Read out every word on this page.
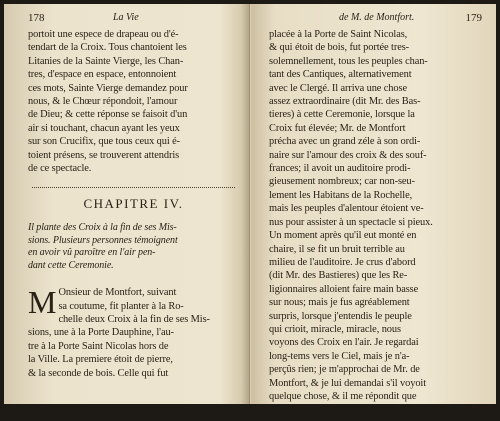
178	La Vie
portoit une espece de drapeau ou d'é-
tendart de la Croix. Tous chantoient les
Litanies de la Sainte Vierge, les Chan-
tres, d'espace en espace, entonnoient
ces mots, Sainte Vierge demandez pour
nous, & le Chœur répondoit, l'amour
de Dieu; & cette réponse se faisoit d'un
air si touchant, chacun ayant les yeux
sur son Crucifix, que tous ceux qui é-
toient présens, se trouverent attendris
de ce spectacle.
CHAPITRE IV.
Il plante des Croix à la fin de ses Mis-
sions. Plusieurs personnes témoignent
en avoir vû paroître en l'air pen-
dant cette Ceremonie.
M Onsieur de Montfort, suivant
sa coutume, fit planter à la Ro-
chelle deux Croix à la fin de ses Mis-
sions, une à la Porte Dauphine, l'au-
tre à la Porte Saint Nicolas hors de
la Ville. La premiere étoit de pierre,
& la seconde de bois. Celle qui fut
de M. de Montfort.	179
placée à la Porte de Saint Nicolas,
& qui étoit de bois, fut portée tres-
solemnellement, tous les peuples chan-
tant des Cantiques, alternativement
avec le Clergé. Il arriva une chose
assez extraordinaire (dit Mr. des Bas-
tieres) à cette Ceremonie, lorsque la
Croix fut élevée; Mr. de Montfort
précha avec un grand zéle à son ordi-
naire sur l'amour des croix & des souf-
frances; il avoit un auditoire prodi-
gieusement nombreux; car non-seu-
lement les Habitans de la Rochelle,
mais les peuples d'alentour étoient ve-
nus pour assister à un spectacle si pieux.
Un moment après qu'il eut monté en
chaire, il se fit un bruit terrible au
milieu de l'auditoire. Je crus d'abord
(dit Mr. des Bastieres) que les Re-
ligionnaires alloient faire main basse
sur nous; mais je fus agréablement
surpris, lorsque j'entendis le peuple
qui crioit, miracle, miracle, nous
voyons des Croix en l'air. Je regardai
long-tems vers le Ciel, mais je n'a-
perçûs rien; je m'approchai de Mr. de
Montfort, & je lui demandai s'il voyoit
quelque chose, & il me répondit que
